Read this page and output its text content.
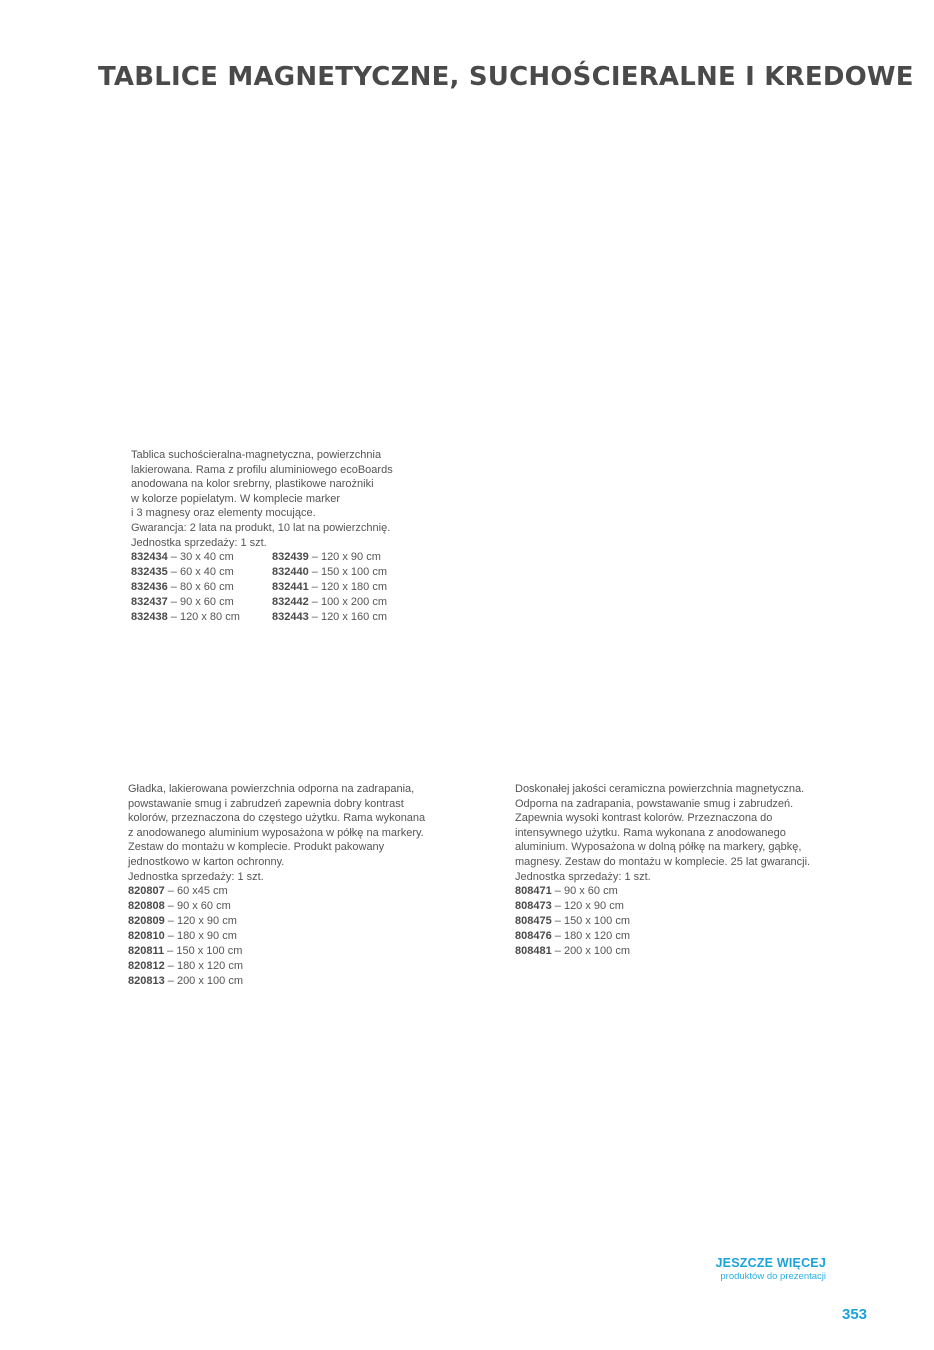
TABLICE MAGNETYCZNE, SUCHOŚCIERALNE I KREDOWE

Tablica suchościeralna-magnetyczna, powierzchnia

lakierowana. Rama z profilu aluminiowego ecoBoards

anodowana na kolor srebrny, plastikowe narożniki

w kolorze popielatym. W komplecie marker

i 3 magnesy oraz elementy mocujące.

Gwarancja: 2 lata na produkt, 10 lat na powierzchnię.

Jednostka sprzedaży: 1 szt.

832434 – 30 x 40 cm
832435 – 60 x 40 cm
832436 – 80 x 60 cm
832437 – 90 x 60 cm
832438 – 120 x 80 cm
832439 – 120 x 90 cm
832440 – 150 x 100 cm
832441 – 120 x 180 cm
832442 – 100 x 200 cm
832443 – 120 x 160 cm

Gładka, lakierowana powierzchnia odporna na zadrapania,

powstawanie smug i zabrudzeń zapewnia dobry kontrast

kolorów, przeznaczona do częstego użytku. Rama wykonana

z anodowanego aluminium wyposażona w półkę na markery.

Zestaw do montażu w komplecie. Produkt pakowany

jednostkowo w karton ochronny.

Jednostka sprzedaży: 1 szt.

820807 – 60 x45 cm
820808 – 90 x 60 cm
820809 – 120 x 90 cm
820810 – 180 x 90 cm
820811 – 150 x 100 cm
820812 – 180 x 120 cm
820813 – 200 x 100 cm

Doskonałej jakości ceramiczna powierzchnia magnetyczna.

Odporna na zadrapania, powstawanie smug i zabrudzeń.

Zapewnia wysoki kontrast kolorów. Przeznaczona do

intensywnego użytku. Rama wykonana z anodowanego

aluminium. Wyposażona w dolną półkę na markery, gąbkę,

magnesy. Zestaw do montażu w komplecie. 25 lat gwarancji.

Jednostka sprzedaży: 1 szt.

808471 – 90 x 60 cm
808473 – 120 x 90 cm
808475 – 150 x 100 cm
808476 – 180 x 120 cm
808481 – 200 x 100 cm
JESZCZE WIĘCEJ
produktów do prezentacji
353
